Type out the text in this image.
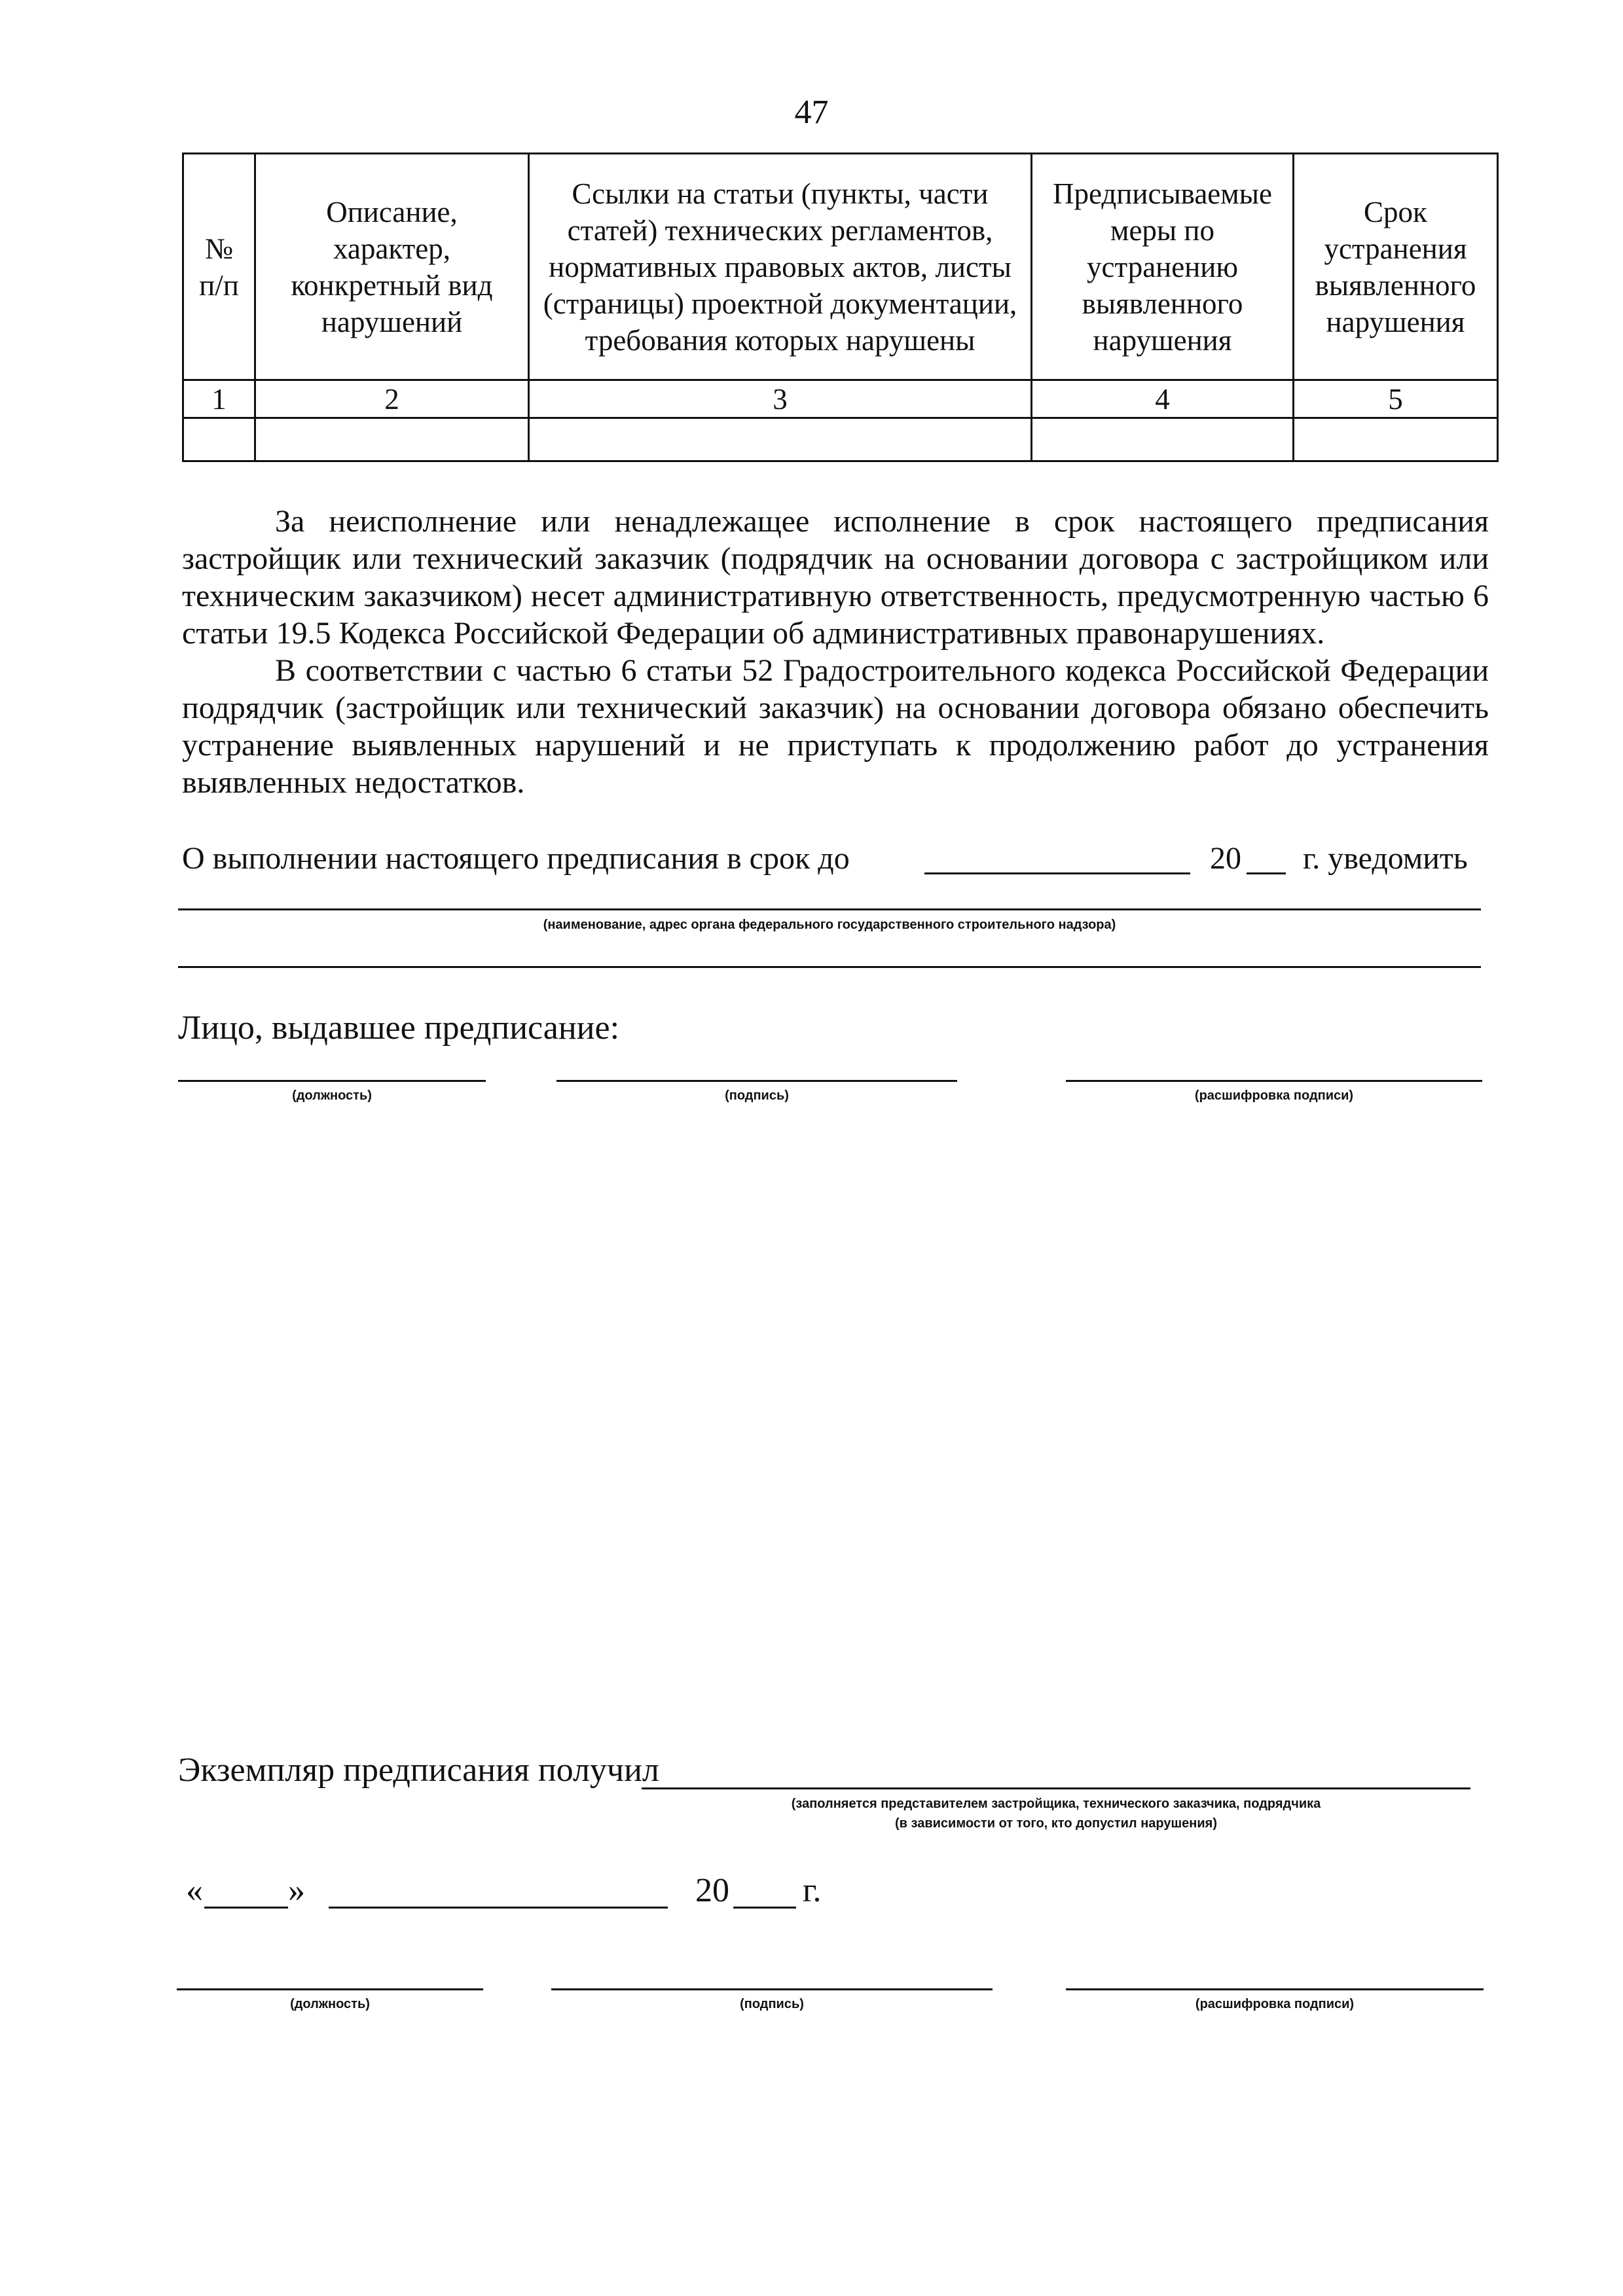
47
№ п/п	Описание, характер, конкретный вид нарушений	Ссылки на статьи (пункты, части статей) технических регламентов, нормативных правовых актов, листы (страницы) проектной документации, требования которых нарушены	Предписываемые меры по устранению выявленного нарушения	Срок устранения выявленного нарушения
1	2	3	4	5

За неисполнение или ненадлежащее исполнение в срок настоящего предписания застройщик или технический заказчик (подрядчик на основании договора с застройщиком или техническим заказчиком) несет административную ответственность, предусмотренную частью 6 статьи 19.5 Кодекса Российской Федерации об административных правонарушениях.

В соответствии с частью 6 статьи 52 Градостроительного кодекса Российской Федерации подрядчик (застройщик или технический заказчик) на основании договора обязано обеспечить устранение выявленных нарушений и не приступать к продолжению работ до устранения выявленных недостатков.

О выполнении настоящего предписания в срок до	20 г. уведомить
(наименование, адрес органа федерального государственного строительного надзора)
Лицо, выдавшее предписание:
(должность)	(подпись)	(расшифровка подписи)
Экземпляр предписания получил
(заполняется представителем застройщика, технического заказчика, подрядчика
(в зависимости от того, кто допустил нарушения)
«	»	20 г.
(должность)	(подпись)	(расшифровка подписи)
